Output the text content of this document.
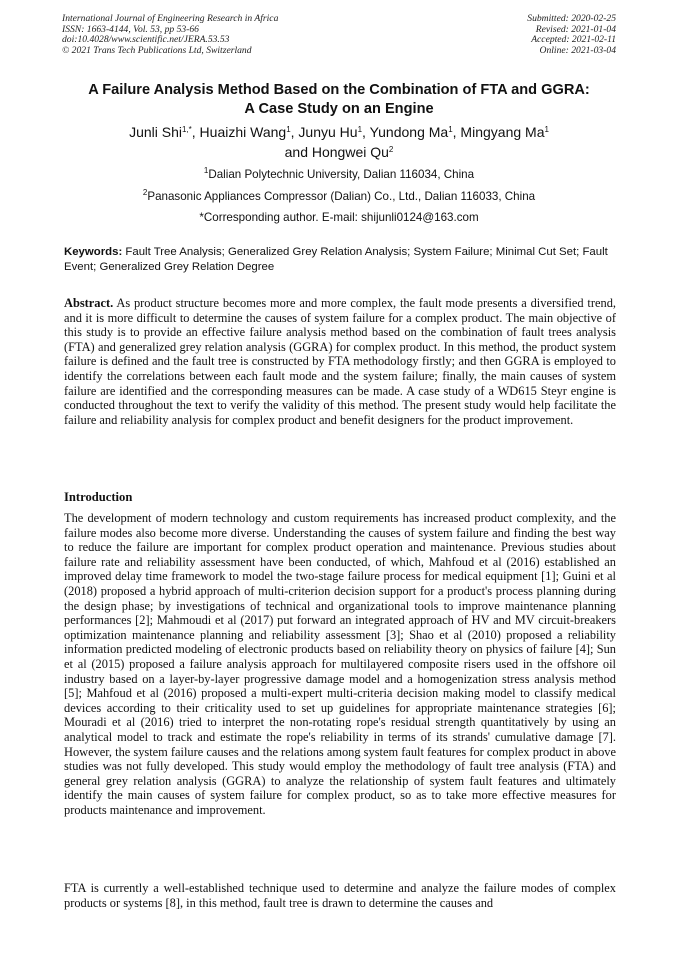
International Journal of Engineering Research in Africa
ISSN: 1663-4144, Vol. 53, pp 53-66
doi:10.4028/www.scientific.net/JERA.53.53
© 2021 Trans Tech Publications Ltd, Switzerland
Submitted: 2020-02-25
Revised: 2021-01-04
Accepted: 2021-02-11
Online: 2021-03-04
A Failure Analysis Method Based on the Combination of FTA and GGRA:
A Case Study on an Engine
Junli Shi$^{1,*}$, Huaizhi Wang$^1$, Junyu Hu$^1$, Yundong Ma$^1$, Mingyang Ma$^1$
and Hongwei Qu$^2$
$^1$Dalian Polytechnic University, Dalian 116034, China
$^2$Panasonic Appliances Compressor (Dalian) Co., Ltd., Dalian 116033, China
*Corresponding author. E-mail: shijunli0124@163.com
Keywords: Fault Tree Analysis; Generalized Grey Relation Analysis; System Failure; Minimal Cut Set; Fault Event; Generalized Grey Relation Degree
Abstract. As product structure becomes more and more complex, the fault mode presents a diversified trend, and it is more difficult to determine the causes of system failure for a complex product. The main objective of this study is to provide an effective failure analysis method based on the combination of fault trees analysis (FTA) and generalized grey relation analysis (GGRA) for complex product. In this method, the product system failure is defined and the fault tree is constructed by FTA methodology firstly; and then GGRA is employed to identify the correlations between each fault mode and the system failure; finally, the main causes of system failure are identified and the corresponding measures can be made. A case study of a WD615 Steyr engine is conducted throughout the text to verify the validity of this method. The present study would help facilitate the failure and reliability analysis for complex product and benefit designers for the product improvement.
Introduction
The development of modern technology and custom requirements has increased product complexity, and the failure modes also become more diverse. Understanding the causes of system failure and finding the best way to reduce the failure are important for complex product operation and maintenance. Previous studies about failure rate and reliability assessment have been conducted, of which, Mahfoud et al (2016) established an improved delay time framework to model the two-stage failure process for medical equipment [1]; Guini et al (2018) proposed a hybrid approach of multi-criterion decision support for a product's process planning during the design phase; by investigations of technical and organizational tools to improve maintenance planning performances [2]; Mahmoudi et al (2017) put forward an integrated approach of HV and MV circuit-breakers optimization maintenance planning and reliability assessment [3]; Shao et al (2010) proposed a reliability information predicted modeling of electronic products based on reliability theory on physics of failure [4]; Sun et al (2015) proposed a failure analysis approach for multilayered composite risers used in the offshore oil industry based on a layer-by-layer progressive damage model and a homogenization stress analysis method [5]; Mahfoud et al (2016) proposed a multi-expert multi-criteria decision making model to classify medical devices according to their criticality used to set up guidelines for appropriate maintenance strategies [6]; Mouradi et al (2016) tried to interpret the non-rotating rope's residual strength quantitatively by using an analytical model to track and estimate the rope's reliability in terms of its strands' cumulative damage [7]. However, the system failure causes and the relations among system fault features for complex product in above studies was not fully developed. This study would employ the methodology of fault tree analysis (FTA) and general grey relation analysis (GGRA) to analyze the relationship of system fault features and ultimately identify the main causes of system failure for complex product, so as to take more effective measures for products maintenance and improvement.
FTA is currently a well-established technique used to determine and analyze the failure modes of complex products or systems [8], in this method, fault tree is drawn to determine the causes and
